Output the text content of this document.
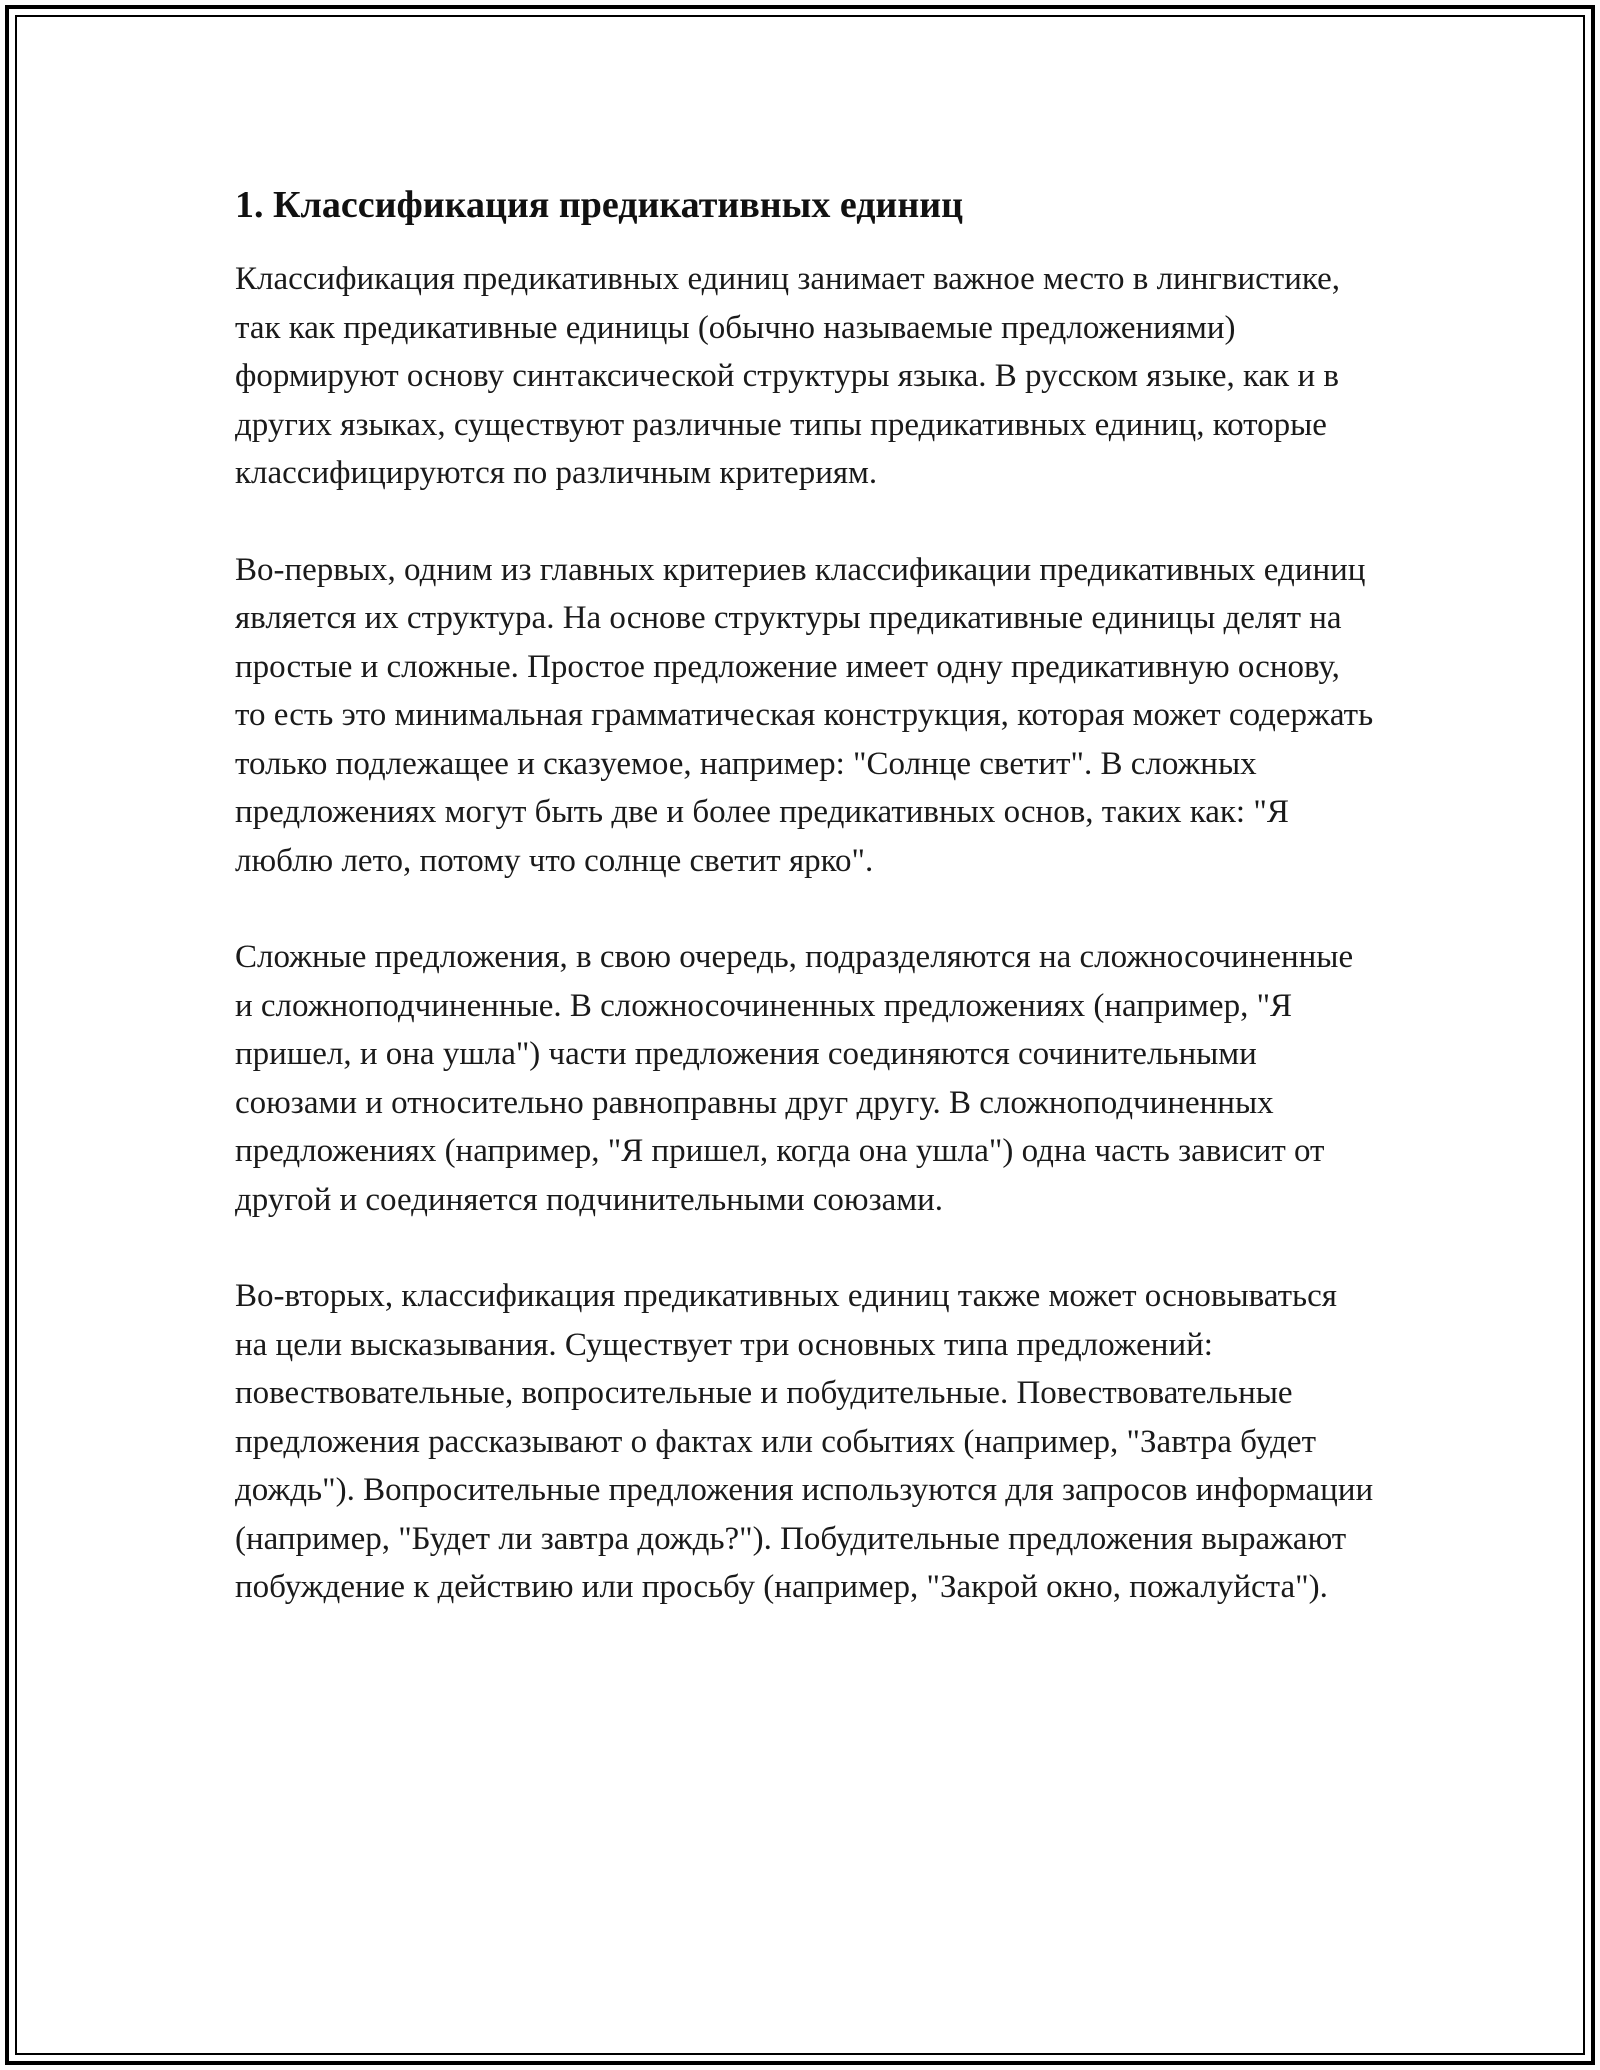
1. Классификация предикативных единиц

Классификация предикативных единиц занимает важное место в лингвистике, так как предикативные единицы (обычно называемые предложениями) формируют основу синтаксической структуры языка. В русском языке, как и в других языках, существуют различные типы предикативных единиц, которые классифицируются по различным критериям.

Во-первых, одним из главных критериев классификации предикативных единиц является их структура. На основе структуры предикативные единицы делят на простые и сложные. Простое предложение имеет одну предикативную основу, то есть это минимальная грамматическая конструкция, которая может содержать только подлежащее и сказуемое, например: "Солнце светит". В сложных предложениях могут быть две и более предикативных основ, таких как: "Я люблю лето, потому что солнце светит ярко".

Сложные предложения, в свою очередь, подразделяются на сложносочиненные и сложноподчиненные. В сложносочиненных предложениях (например, "Я пришел, и она ушла") части предложения соединяются сочинительными союзами и относительно равноправны друг другу. В сложноподчиненных предложениях (например, "Я пришел, когда она ушла") одна часть зависит от другой и соединяется подчинительными союзами.

Во-вторых, классификация предикативных единиц также может основываться на цели высказывания. Существует три основных типа предложений: повествовательные, вопросительные и побудительные. Повествовательные предложения рассказывают о фактах или событиях (например, "Завтра будет дождь"). Вопросительные предложения используются для запросов информации (например, "Будет ли завтра дождь?"). Побудительные предложения выражают побуждение к действию или просьбу (например, "Закрой окно, пожалуйста").
